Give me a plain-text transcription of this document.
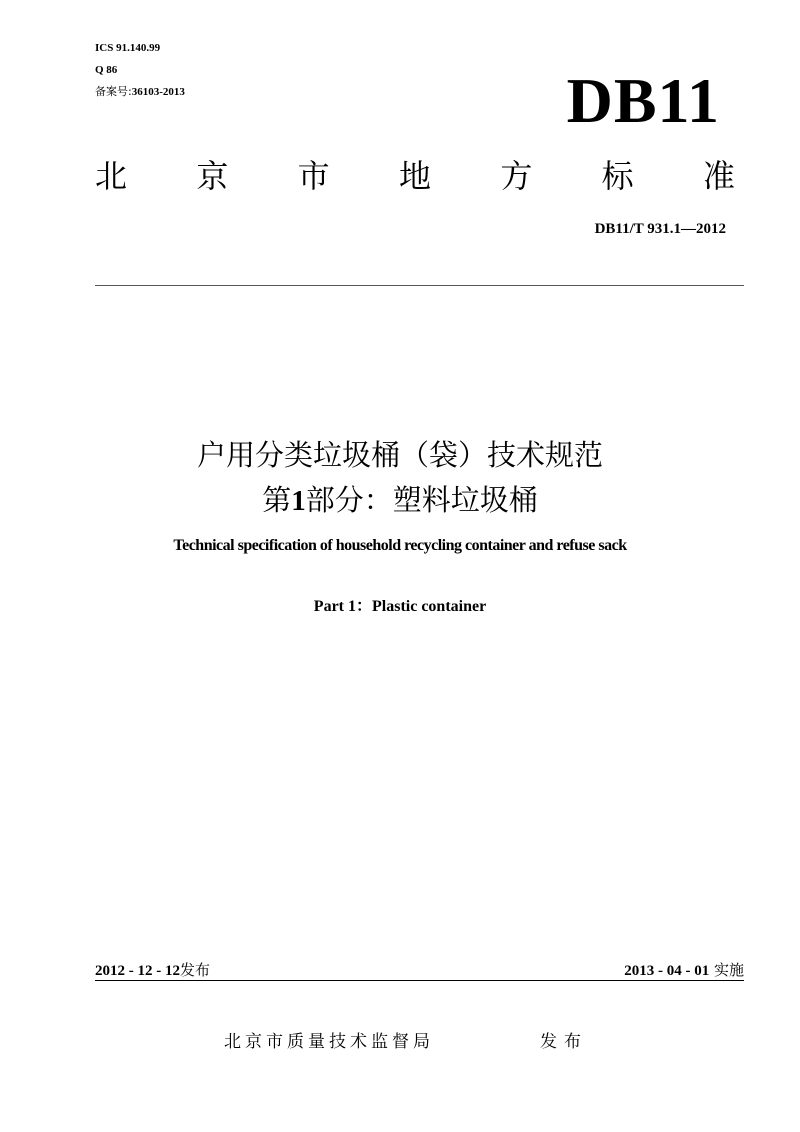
ICS 91.140.99
Q 86
备案号:36103-2013	DB11
北 京 市 地 方 标 准
DB11/T 931.1—2012
户用分类垃圾桶（袋）技术规范
第1部分：塑料垃圾桶
Technical specification of household recycling container and refuse sack
Part 1：Plastic container
2012 - 12 - 12发布	2013 - 04 - 01 实施
北京市质量技术监督局	发布
